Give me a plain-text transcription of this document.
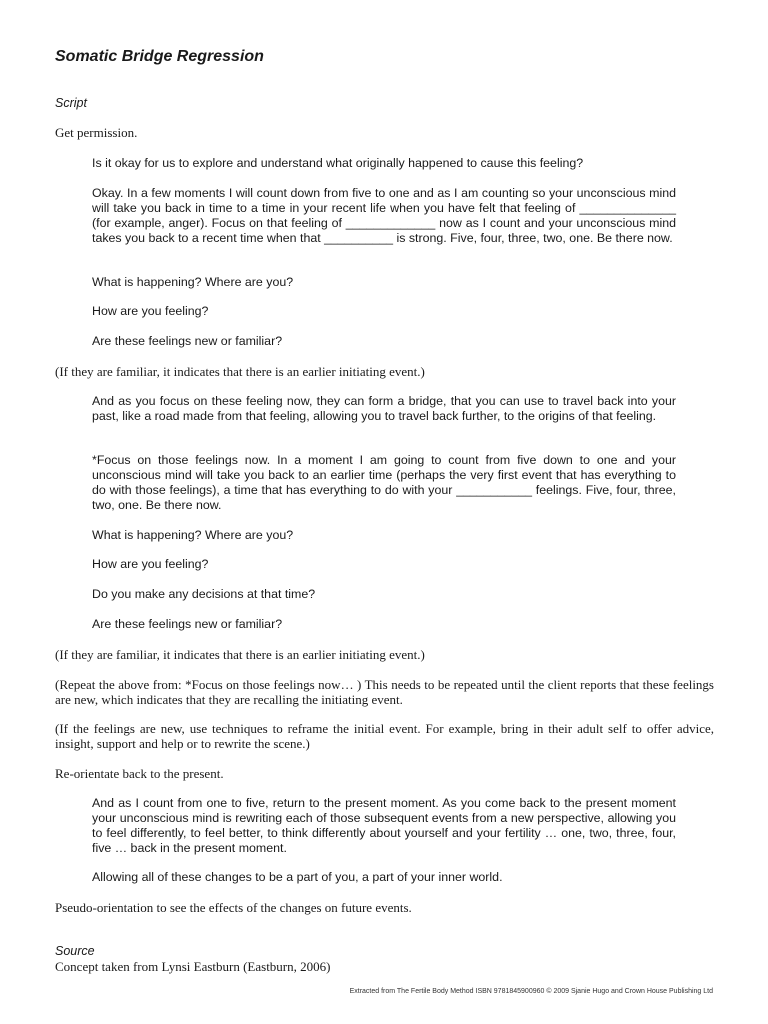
Somatic Bridge Regression
Script
Get permission.
Is it okay for us to explore and understand what originally happened to cause this feeling?
Okay. In a few moments I will count down from five to one and as I am counting so your unconscious mind will take you back in time to a time in your recent life when you have felt that feeling of ______________ (for example, anger). Focus on that feeling of _____________ now as I count and your unconscious mind takes you back to a recent time when that __________ is strong. Five, four, three, two, one. Be there now.
What is happening? Where are you?
How are you feeling?
Are these feelings new or familiar?
(If they are familiar, it indicates that there is an earlier initiating event.)
And as you focus on these feeling now, they can form a bridge, that you can use to travel back into your past, like a road made from that feeling, allowing you to travel back further, to the origins of that feeling.
*Focus on those feelings now. In a moment I am going to count from five down to one and your unconscious mind will take you back to an earlier time (perhaps the very first event that has everything to do with those feelings), a time that has everything to do with your ___________ feelings. Five, four, three, two, one. Be there now.
What is happening? Where are you?
How are you feeling?
Do you make any decisions at that time?
Are these feelings new or familiar?
(If they are familiar, it indicates that there is an earlier initiating event.)
(Repeat the above from: *Focus on those feelings now… ) This needs to be repeated until the client reports that these feelings are new, which indicates that they are recalling the initiating event.
(If the feelings are new, use techniques to reframe the initial event. For example, bring in their adult self to offer advice, insight, support and help or to rewrite the scene.)
Re-orientate back to the present.
And as I count from one to five, return to the present moment. As you come back to the present moment your unconscious mind is rewriting each of those subsequent events from a new perspective, allowing you to feel differently, to feel better, to think differently about yourself and your fertility … one, two, three, four, five … back in the present moment.
Allowing all of these changes to be a part of you, a part of your inner world.
Pseudo-orientation to see the effects of the changes on future events.
Source
Concept taken from Lynsi Eastburn (Eastburn, 2006)
Extracted from The Fertile Body Method ISBN 9781845900960 © 2009 Sjanie Hugo and Crown House Publishing Ltd
